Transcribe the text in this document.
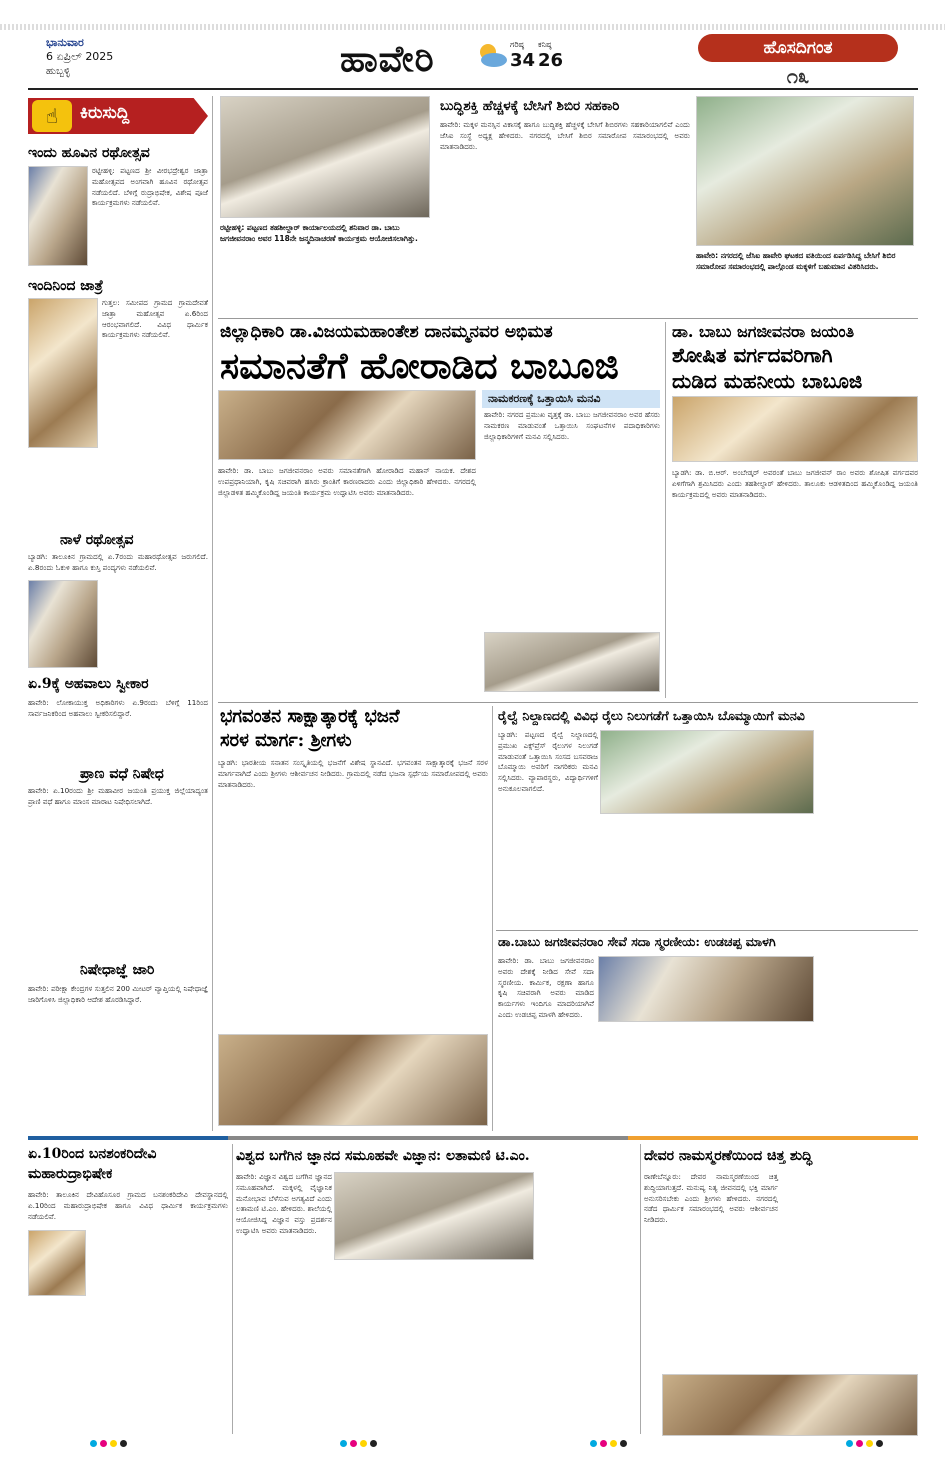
ಭಾನುವಾರ
6 ಏಪ್ರಿಲ್ 2025
ಹುಬ್ಬಳ್ಳಿ	ಹಾವೇರಿ	ಗರಿಷ್ಠ
34
ಕನಿಷ್ಠ
26
ಹೊಸದಿಗಂತ
೧೩
☝	ಕಿರುಸುದ್ದಿ
ಇಂದು ಹೂವಿನ ರಥೋತ್ಸವ
ರಟ್ಟೀಹಳ್ಳಿ: ಪಟ್ಟಣದ ಶ್ರೀ ವೀರಭದ್ರೇಶ್ವರ ಜಾತ್ರಾ ಮಹೋತ್ಸವದ ಅಂಗವಾಗಿ ಹೂವಿನ ರಥೋತ್ಸವ ನಡೆಯಲಿದೆ. ಬೆಳಿಗ್ಗೆ ರುದ್ರಾಭಿಷೇಕ, ವಿಶೇಷ ಪೂಜೆ ಕಾರ್ಯಕ್ರಮಗಳು ನಡೆಯಲಿವೆ.
ಇಂದಿನಿಂದ ಜಾತ್ರೆ
ಗುತ್ತಲ: ಸಮೀಪದ ಗ್ರಾಮದ ಗ್ರಾಮದೇವತೆ ಜಾತ್ರಾ ಮಹೋತ್ಸವ ಏ.6ರಿಂದ ಆರಂಭವಾಗಲಿದೆ. ವಿವಿಧ ಧಾರ್ಮಿಕ ಕಾರ್ಯಕ್ರಮಗಳು ನಡೆಯಲಿವೆ.
ನಾಳೆ ರಥೋತ್ಸವ
ಬ್ಯಾಡಗಿ: ತಾಲೂಕಿನ ಗ್ರಾಮದಲ್ಲಿ ಏ.7ರಂದು ಮಹಾರಥೋತ್ಸವ ಜರುಗಲಿದೆ. ಏ.8ರಂದು ಓಕುಳಿ ಹಾಗೂ ಕುಸ್ತಿ ಪಂದ್ಯಗಳು ನಡೆಯಲಿವೆ.
ಏ.9ಕ್ಕೆ ಅಹವಾಲು ಸ್ವೀಕಾರ
ಹಾವೇರಿ: ಲೋಕಾಯುಕ್ತ ಅಧಿಕಾರಿಗಳು ಏ.9ರಂದು ಬೆಳಿಗ್ಗೆ 11ರಿಂದ ಸಾರ್ವಜನಿಕರಿಂದ ಅಹವಾಲು ಸ್ವೀಕರಿಸಲಿದ್ದಾರೆ.
ಪ್ರಾಣ ವಧೆ ನಿಷೇಧ
ಹಾವೇರಿ: ಏ.10ರಂದು ಶ್ರೀ ಮಹಾವೀರ ಜಯಂತಿ ಪ್ರಯುಕ್ತ ಜಿಲ್ಲೆಯಾದ್ಯಂತ ಪ್ರಾಣಿ ವಧೆ ಹಾಗೂ ಮಾಂಸ ಮಾರಾಟ ನಿಷೇಧಿಸಲಾಗಿದೆ.
ನಿಷೇಧಾಜ್ಞೆ ಜಾರಿ
ಹಾವೇರಿ: ಪರೀಕ್ಷಾ ಕೇಂದ್ರಗಳ ಸುತ್ತಲಿನ 200 ಮೀಟರ್ ವ್ಯಾಪ್ತಿಯಲ್ಲಿ ನಿಷೇಧಾಜ್ಞೆ ಜಾರಿಗೊಳಿಸಿ ಜಿಲ್ಲಾಧಿಕಾರಿ ಆದೇಶ ಹೊರಡಿಸಿದ್ದಾರೆ.
ರಟ್ಟೀಹಳ್ಳಿ: ಪಟ್ಟಣದ ತಹಶೀಲ್ದಾರ್ ಕಾರ್ಯಾಲಯದಲ್ಲಿ ಶನಿವಾರ ಡಾ. ಬಾಬು ಜಗಜೀವನರಾಂ ಅವರ 118ನೇ ಜನ್ಮದಿನಾಚರಣೆ ಕಾರ್ಯಕ್ರಮ ಆಯೋಜಿಸಲಾಗಿತ್ತು.
ಬುದ್ಧಿಶಕ್ತಿ ಹೆಚ್ಚಳಕ್ಕೆ ಬೇಸಿಗೆ ಶಿಬಿರ ಸಹಕಾರಿ
ಹಾವೇರಿ: ಮಕ್ಕಳ ಮನಸ್ಸಿನ ವಿಕಾಸಕ್ಕೆ ಹಾಗೂ ಬುದ್ಧಿಶಕ್ತಿ ಹೆಚ್ಚಳಕ್ಕೆ ಬೇಸಿಗೆ ಶಿಬಿರಗಳು ಸಹಕಾರಿಯಾಗಲಿವೆ ಎಂದು ಜೆಸಿಐ ಸಂಸ್ಥೆ ಅಧ್ಯಕ್ಷ ಹೇಳಿದರು. ನಗರದಲ್ಲಿ ಬೇಸಿಗೆ ಶಿಬಿರ ಸಮಾರೋಪ ಸಮಾರಂಭದಲ್ಲಿ ಅವರು ಮಾತನಾಡಿದರು.
ಹಾವೇರಿ: ನಗರದಲ್ಲಿ ಜೆಸಿಐ ಹಾವೇರಿ ಘಟಕದ ವತಿಯಿಂದ ಏರ್ಪಡಿಸಿದ್ದ ಬೇಸಿಗೆ ಶಿಬಿರ ಸಮಾರೋಪ ಸಮಾರಂಭದಲ್ಲಿ ಪಾಲ್ಗೊಂಡ ಮಕ್ಕಳಿಗೆ ಬಹುಮಾನ ವಿತರಿಸಿದರು.
ಜಿಲ್ಲಾಧಿಕಾರಿ ಡಾ.ವಿಜಯಮಹಾಂತೇಶ ದಾನಮ್ಮನವರ ಅಭಿಮತ
ಸಮಾನತೆಗೆ ಹೋರಾಡಿದ ಬಾಬೂಜಿ
ಹಾವೇರಿ: ಡಾ. ಬಾಬು ಜಗಜೀವನರಾಂ ಅವರು ಸಮಾನತೆಗಾಗಿ ಹೋರಾಡಿದ ಮಹಾನ್ ನಾಯಕ. ದೇಶದ ಉಪಪ್ರಧಾನಿಯಾಗಿ, ಕೃಷಿ ಸಚಿವರಾಗಿ ಹಸಿರು ಕ್ರಾಂತಿಗೆ ಕಾರಣರಾದರು ಎಂದು ಜಿಲ್ಲಾಧಿಕಾರಿ ಹೇಳಿದರು. ನಗರದಲ್ಲಿ ಜಿಲ್ಲಾಡಳಿತ ಹಮ್ಮಿಕೊಂಡಿದ್ದ ಜಯಂತಿ ಕಾರ್ಯಕ್ರಮ ಉದ್ಘಾಟಿಸಿ ಅವರು ಮಾತನಾಡಿದರು.
ನಾಮಕರಣಕ್ಕೆ ಒತ್ತಾಯಿಸಿ ಮನವಿ
ಹಾವೇರಿ: ನಗರದ ಪ್ರಮುಖ ವೃತ್ತಕ್ಕೆ ಡಾ. ಬಾಬು ಜಗಜೀವನರಾಂ ಅವರ ಹೆಸರು ನಾಮಕರಣ ಮಾಡುವಂತೆ ಒತ್ತಾಯಿಸಿ ಸಂಘಟನೆಗಳ ಪದಾಧಿಕಾರಿಗಳು ಜಿಲ್ಲಾಧಿಕಾರಿಗಳಿಗೆ ಮನವಿ ಸಲ್ಲಿಸಿದರು.
ಡಾ. ಬಾಬು ಜಗಜೀವನರಾ ಜಯಂತಿ
ಶೋಷಿತ ವರ್ಗದವರಿಗಾಗಿ
ದುಡಿದ ಮಹನೀಯ ಬಾಬೂಜಿ
ಬ್ಯಾಡಗಿ: ಡಾ. ಬಿ.ಆರ್. ಅಂಬೇಡ್ಕರ್ ಅವರಂತೆ ಬಾಬು ಜಗಜೀವನ್ ರಾಂ ಅವರು ಶೋಷಿತ ವರ್ಗದವರ ಏಳಿಗೆಗಾಗಿ ಶ್ರಮಿಸಿದರು ಎಂದು ತಹಶೀಲ್ದಾರ್ ಹೇಳಿದರು. ತಾಲೂಕು ಆಡಳಿತದಿಂದ ಹಮ್ಮಿಕೊಂಡಿದ್ದ ಜಯಂತಿ ಕಾರ್ಯಕ್ರಮದಲ್ಲಿ ಅವರು ಮಾತನಾಡಿದರು.
ಭಗವಂತನ ಸಾಕ್ಷಾತ್ಕಾರಕ್ಕೆ ಭಜನೆ
ಸರಳ ಮಾರ್ಗ: ಶ್ರೀಗಳು
ಬ್ಯಾಡಗಿ: ಭಾರತೀಯ ಸನಾತನ ಸಂಸ್ಕೃತಿಯಲ್ಲಿ ಭಜನೆಗೆ ವಿಶೇಷ ಸ್ಥಾನವಿದೆ. ಭಗವಂತನ ಸಾಕ್ಷಾತ್ಕಾರಕ್ಕೆ ಭಜನೆ ಸರಳ ಮಾರ್ಗವಾಗಿದೆ ಎಂದು ಶ್ರೀಗಳು ಆಶೀರ್ವಚನ ನೀಡಿದರು. ಗ್ರಾಮದಲ್ಲಿ ನಡೆದ ಭಜನಾ ಸ್ಪರ್ಧೆಯ ಸಮಾರೋಪದಲ್ಲಿ ಅವರು ಮಾತನಾಡಿದರು.
ರೈಲ್ವೆ ನಿಲ್ದಾಣದಲ್ಲಿ ವಿವಿಧ ರೈಲು ನಿಲುಗಡೆಗೆ ಒತ್ತಾಯಿಸಿ ಬೊಮ್ಮಾಯಿಗೆ ಮನವಿ
ಬ್ಯಾಡಗಿ: ಪಟ್ಟಣದ ರೈಲ್ವೆ ನಿಲ್ದಾಣದಲ್ಲಿ ಪ್ರಮುಖ ಎಕ್ಸ್‌ಪ್ರೆಸ್ ರೈಲುಗಳ ನಿಲುಗಡೆ ಮಾಡುವಂತೆ ಒತ್ತಾಯಿಸಿ ಸಂಸದ ಬಸವರಾಜ ಬೊಮ್ಮಾಯಿ ಅವರಿಗೆ ನಾಗರಿಕರು ಮನವಿ ಸಲ್ಲಿಸಿದರು. ವ್ಯಾಪಾರಸ್ಥರು, ವಿದ್ಯಾರ್ಥಿಗಳಿಗೆ ಅನುಕೂಲವಾಗಲಿದೆ.
ಡಾ.ಬಾಬು ಜಗಜೀವನರಾಂ ಸೇವೆ ಸದಾ ಸ್ಮರಣೀಯ: ಉಡಚಪ್ಪ ಮಾಳಗಿ
ಹಾವೇರಿ: ಡಾ. ಬಾಬು ಜಗಜೀವನರಾಂ ಅವರು ದೇಶಕ್ಕೆ ನೀಡಿದ ಸೇವೆ ಸದಾ ಸ್ಮರಣೀಯ. ಕಾರ್ಮಿಕ, ರಕ್ಷಣಾ ಹಾಗೂ ಕೃಷಿ ಸಚಿವರಾಗಿ ಅವರು ಮಾಡಿದ ಕಾರ್ಯಗಳು ಇಂದಿಗೂ ಮಾದರಿಯಾಗಿವೆ ಎಂದು ಉಡಚಪ್ಪ ಮಾಳಗಿ ಹೇಳಿದರು.
ಏ.10ರಿಂದ ಬನಶಂಕರಿದೇವಿ
ಮಹಾರುದ್ರಾಭಿಷೇಕ
ಹಾವೇರಿ: ತಾಲೂಕಿನ ದೇವಿಹೊಸೂರ ಗ್ರಾಮದ ಬನಶಂಕರಿದೇವಿ ದೇವಸ್ಥಾನದಲ್ಲಿ ಏ.10ರಿಂದ ಮಹಾರುದ್ರಾಭಿಷೇಕ ಹಾಗೂ ವಿವಿಧ ಧಾರ್ಮಿಕ ಕಾರ್ಯಕ್ರಮಗಳು ನಡೆಯಲಿವೆ.
ವಿಶ್ವದ ಬಗೆಗಿನ ಜ್ಞಾನದ ಸಮೂಹವೇ ವಿಜ್ಞಾನ: ಲತಾಮಣಿ ಟಿ.ಎಂ.
ಹಾವೇರಿ: ವಿಜ್ಞಾನ ವಿಶ್ವದ ಬಗೆಗಿನ ಜ್ಞಾನದ ಸಮೂಹವಾಗಿದೆ. ಮಕ್ಕಳಲ್ಲಿ ವೈಜ್ಞಾನಿಕ ಮನೋಭಾವ ಬೆಳೆಸುವ ಅಗತ್ಯವಿದೆ ಎಂದು ಲತಾಮಣಿ ಟಿ.ಎಂ. ಹೇಳಿದರು. ಶಾಲೆಯಲ್ಲಿ ಆಯೋಜಿಸಿದ್ದ ವಿಜ್ಞಾನ ವಸ್ತು ಪ್ರದರ್ಶನ ಉದ್ಘಾಟಿಸಿ ಅವರು ಮಾತನಾಡಿದರು.
ದೇವರ ನಾಮಸ್ಮರಣೆಯಿಂದ ಚಿತ್ತ ಶುದ್ಧಿ
ರಾಣೇಬೆನ್ನೂರು: ದೇವರ ನಾಮಸ್ಮರಣೆಯಿಂದ ಚಿತ್ತ ಶುದ್ಧಿಯಾಗುತ್ತದೆ. ಮನುಷ್ಯ ನಿತ್ಯ ಜೀವನದಲ್ಲಿ ಭಕ್ತಿ ಮಾರ್ಗ ಅನುಸರಿಸಬೇಕು ಎಂದು ಶ್ರೀಗಳು ಹೇಳಿದರು. ನಗರದಲ್ಲಿ ನಡೆದ ಧಾರ್ಮಿಕ ಸಮಾರಂಭದಲ್ಲಿ ಅವರು ಆಶೀರ್ವಚನ ನೀಡಿದರು.
